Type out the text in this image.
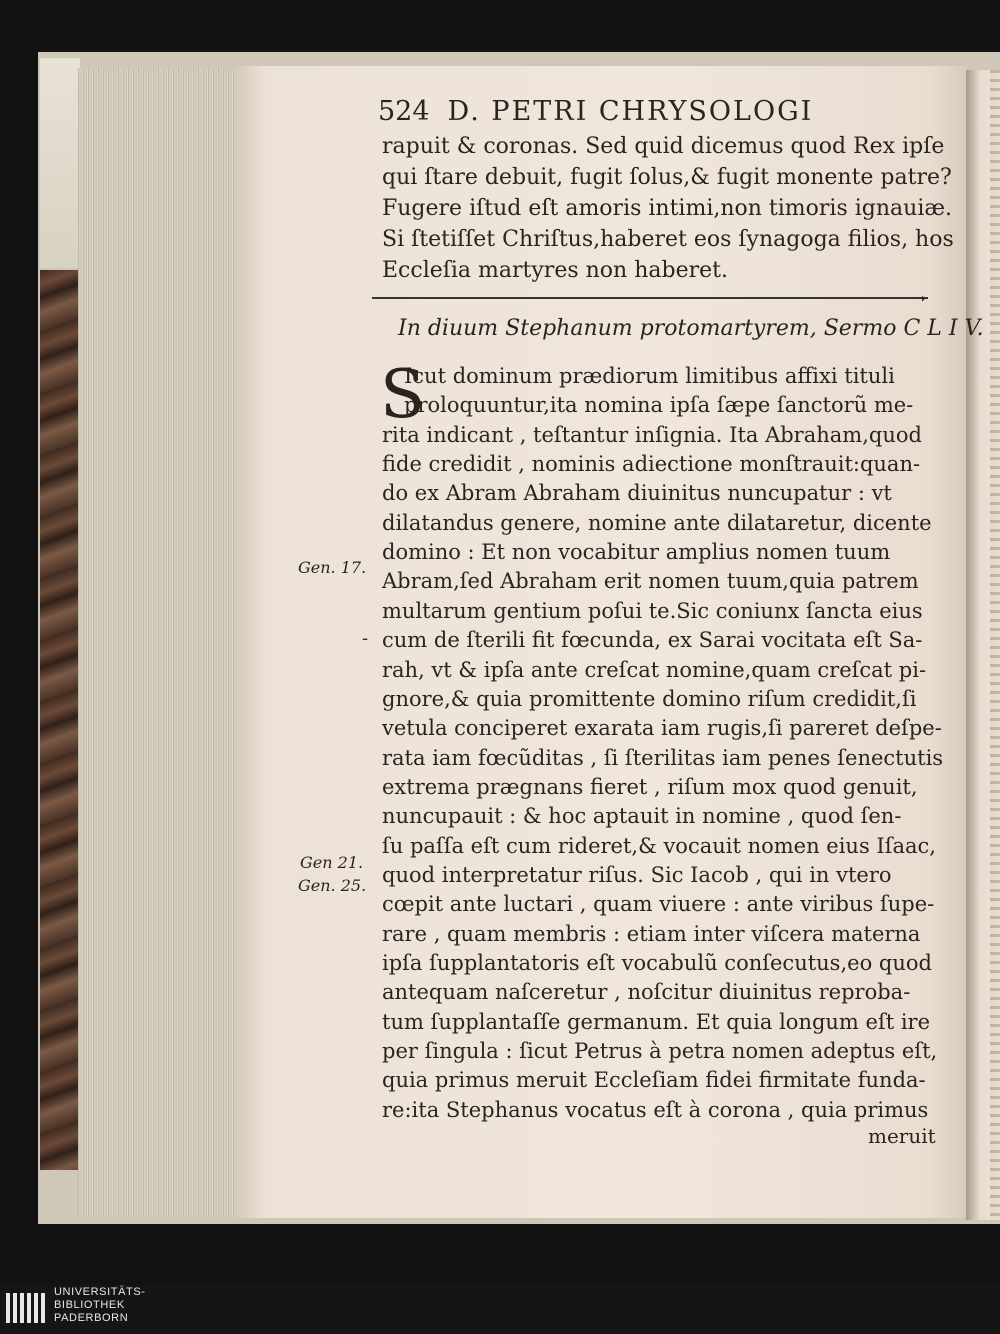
524 D. PETRI CHRYSOLOGI
rapuit & coronas. Sed quid dicemus quod Rex ipſe
qui ſtare debuit, fugit ſolus,& fugit monente patre?
Fugere iſtud eſt amoris intimi,non timoris ignauiæ.
Si ſtetiſſet Chriſtus,haberet eos ſynagoga filios, hos
Eccleſia martyres non haberet.
➝
In diuum Stephanum protomartyrem, Sermo C L I V.
S
Icut dominum prædiorum limitibus affixi tituli
proloquuntur,ita nomina ipſa ſæpe ſanctorũ me-
rita indicant , teſtantur inſignia. Ita Abraham,quod
fide credidit , nominis adiectione monſtrauit:quan-
do ex Abram Abraham diuinitus nuncupatur : vt
dilatandus genere, nomine ante dilataretur, dicente
domino : Et non vocabitur amplius nomen tuum
Abram,ſed Abraham erit nomen tuum,quia patrem
multarum gentium poſui te.Sic coniunx ſancta eius
cum de ſterili fit fœcunda, ex Sarai vocitata eſt Sa-
rah, vt & ipſa ante creſcat nomine,quam creſcat pi-
gnore,& quia promittente domino riſum credidit,ſi
vetula conciperet exarata iam rugis,ſi pareret deſpe-
rata iam fœcũditas , ſi ſterilitas iam penes ſenectutis
extrema prægnans fieret , riſum mox quod genuit,
nuncupauit : & hoc aptauit in nomine , quod ſen-
ſu paſſa eſt cum rideret,& vocauit nomen eius Iſaac,
quod interpretatur riſus. Sic Iacob , qui in vtero
cœpit ante luctari , quam viuere : ante viribus ſupe-
rare , quam membris : etiam inter viſcera materna
ipſa ſupplantatoris eſt vocabulũ conſecutus,eo quod
antequam naſceretur , noſcitur diuinitus reproba-
tum ſupplantaſſe germanum. Et quia longum eſt ire
per ſingula : ſicut Petrus à petra nomen adeptus eſt,
quia primus meruit Eccleſiam fidei firmitate funda-
re:ita Stephanus vocatus eſt à corona , quia primus
Gen. 17.
-
Gen 21.
Gen. 25.
meruit
UNIVERSITÄTS-
BIBLIOTHEK
PADERBORN
